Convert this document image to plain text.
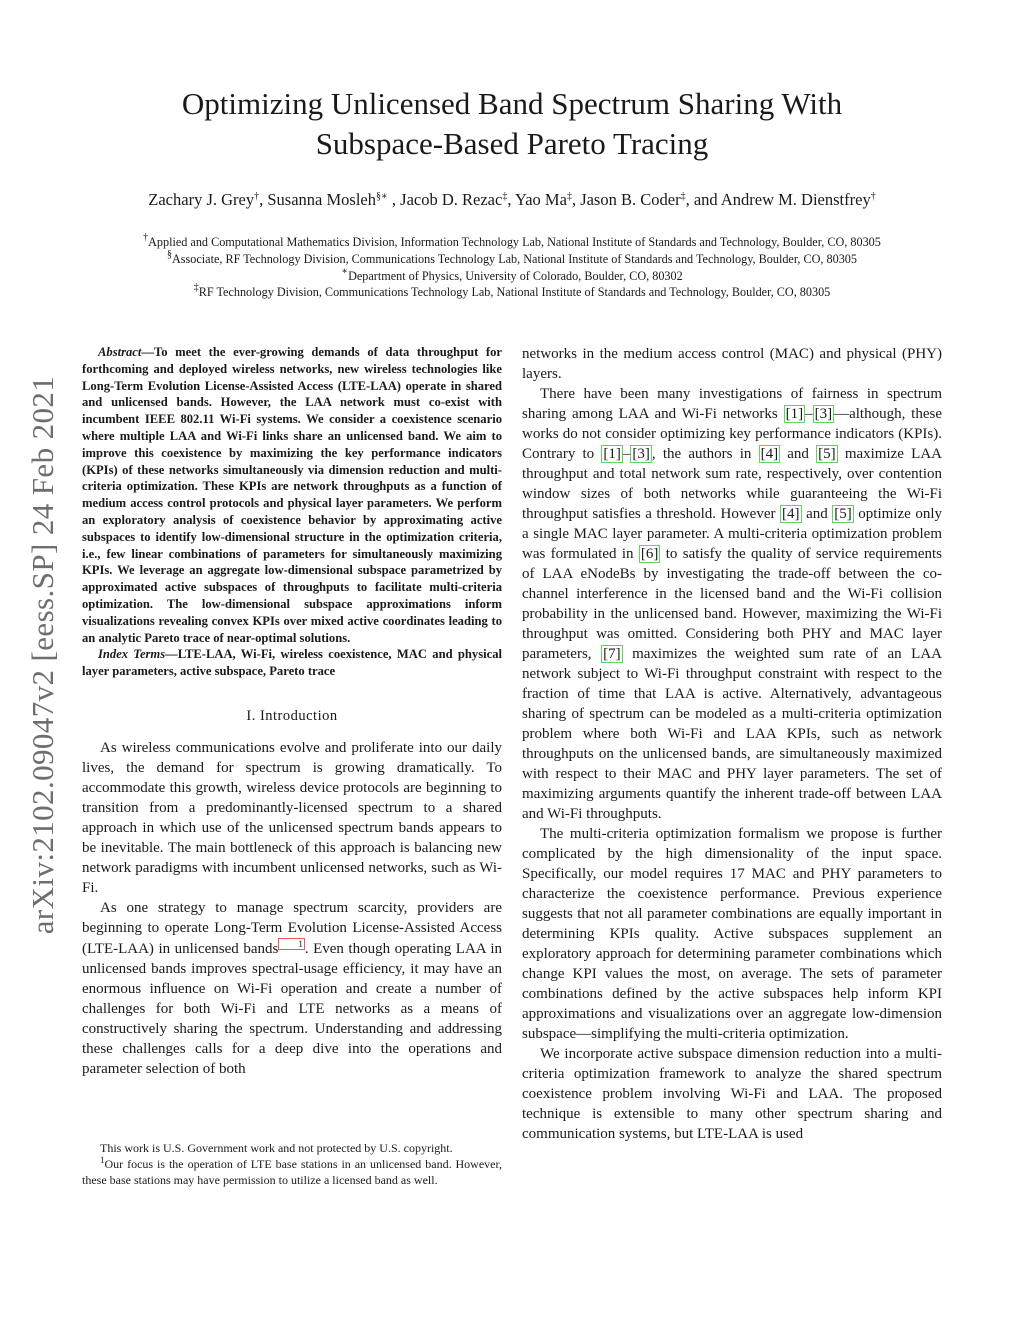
arXiv:2102.09047v2 [eess.SP] 24 Feb 2021
Optimizing Unlicensed Band Spectrum Sharing With
Subspace-Based Pareto Tracing
Zachary J. Grey†, Susanna Mosleh§∗ , Jacob D. Rezac‡, Yao Ma‡, Jason B. Coder‡, and Andrew M. Dienstfrey†
†Applied and Computational Mathematics Division, Information Technology Lab, National Institute of Standards and Technology, Boulder, CO, 80305
§Associate, RF Technology Division, Communications Technology Lab, National Institute of Standards and Technology, Boulder, CO, 80305
∗Department of Physics, University of Colorado, Boulder, CO, 80302
‡RF Technology Division, Communications Technology Lab, National Institute of Standards and Technology, Boulder, CO, 80305

Abstract—To meet the ever-growing demands of data throughput for forthcoming and deployed wireless networks, new wireless technologies like Long-Term Evolution License-Assisted Access (LTE-LAA) operate in shared and unlicensed bands. However, the LAA network must co-exist with incumbent IEEE 802.11 Wi-Fi systems. We consider a coexistence scenario where multiple LAA and Wi-Fi links share an unlicensed band. We aim to improve this coexistence by maximizing the key performance indicators (KPIs) of these networks simultaneously via dimension reduction and multi-criteria optimization. These KPIs are network throughputs as a function of medium access control protocols and physical layer parameters. We perform an exploratory analysis of coexistence behavior by approximating active subspaces to identify low-dimensional structure in the optimization criteria, i.e., few linear combinations of parameters for simultaneously maximizing KPIs. We leverage an aggregate low-dimensional subspace parametrized by approximated active subspaces of throughputs to facilitate multi-criteria optimization. The low-dimensional subspace approximations inform visualizations revealing convex KPIs over mixed active coordinates leading to an analytic Pareto trace of near-optimal solutions.

Index Terms—LTE-LAA, Wi-Fi, wireless coexistence, MAC and physical layer parameters, active subspace, Pareto trace

I. Introduction

As wireless communications evolve and proliferate into our daily lives, the demand for spectrum is growing dramatically. To accommodate this growth, wireless device protocols are beginning to transition from a predominantly-licensed spectrum to a shared approach in which use of the unlicensed spectrum bands appears to be inevitable. The main bottleneck of this approach is balancing new network paradigms with incumbent unlicensed networks, such as Wi-Fi.

As one strategy to manage spectrum scarcity, providers are beginning to operate Long-Term Evolution License-Assisted Access (LTE-LAA) in unlicensed bands 1 . Even though operating LAA in unlicensed bands improves spectral-usage efficiency, it may have an enormous influence on Wi-Fi operation and create a number of challenges for both Wi-Fi and LTE networks as a means of constructively sharing the spectrum. Understanding and addressing these challenges calls for a deep dive into the operations and parameter selection of both

This work is U.S. Government work and not protected by U.S. copyright.

$^1$Our focus is the operation of LTE base stations in an unlicensed band. However, these base stations may have permission to utilize a licensed band as well.

networks in the medium access control (MAC) and physical (PHY) layers.

There have been many investigations of fairness in spectrum sharing among LAA and Wi-Fi networks [1] – [3] —although, these works do not consider optimizing key performance indicators (KPIs). Contrary to [1] – [3] , the authors in [4] and [5] maximize LAA throughput and total network sum rate, respectively, over contention window sizes of both networks while guaranteeing the Wi-Fi throughput satisfies a threshold. However [4] and [5] optimize only a single MAC layer parameter. A multi-criteria optimization problem was formulated in [6] to satisfy the quality of service requirements of LAA eNodeBs by investigating the trade-off between the co-channel interference in the licensed band and the Wi-Fi collision probability in the unlicensed band. However, maximizing the Wi-Fi throughput was omitted. Considering both PHY and MAC layer parameters, [7] maximizes the weighted sum rate of an LAA network subject to Wi-Fi throughput constraint with respect to the fraction of time that LAA is active. Alternatively, advantageous sharing of spectrum can be modeled as a multi-criteria optimization problem where both Wi-Fi and LAA KPIs, such as network throughputs on the unlicensed bands, are simultaneously maximized with respect to their MAC and PHY layer parameters. The set of maximizing arguments quantify the inherent trade-off between LAA and Wi-Fi throughputs.

The multi-criteria optimization formalism we propose is further complicated by the high dimensionality of the input space. Specifically, our model requires 17 MAC and PHY parameters to characterize the coexistence performance. Previous experience suggests that not all parameter combinations are equally important in determining KPIs quality. Active subspaces supplement an exploratory approach for determining parameter combinations which change KPI values the most, on average. The sets of parameter combinations defined by the active subspaces help inform KPI approximations and visualizations over an aggregate low-dimension subspace—simplifying the multi-criteria optimization.

We incorporate active subspace dimension reduction into a multi-criteria optimization framework to analyze the shared spectrum coexistence problem involving Wi-Fi and LAA. The proposed technique is extensible to many other spectrum sharing and communication systems, but LTE-LAA is used
